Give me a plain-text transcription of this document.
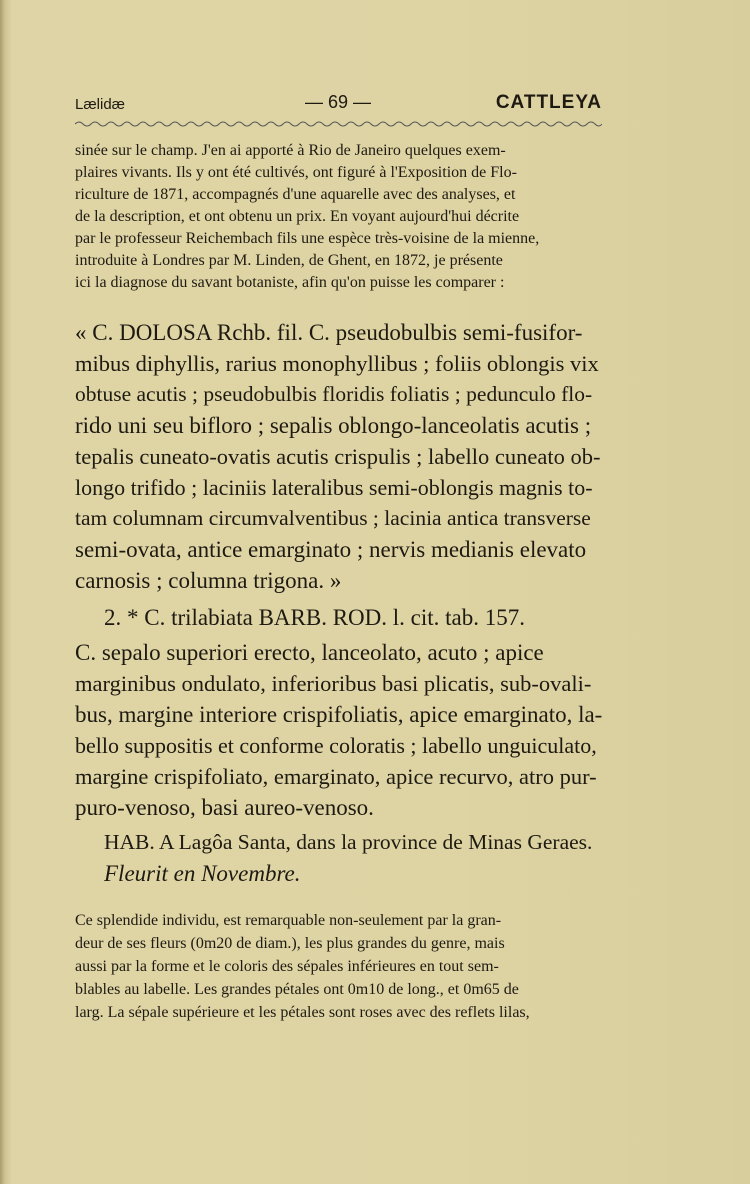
Lælidæ	— 69 —	CATTLEYA
sinée sur le champ. J'en ai apporté à Rio de Janeiro quelques exem-
plaires vivants. Ils y ont été cultivés, ont figuré à l'Exposition de Flo-
riculture de 1871, accompagnés d'une aquarelle avec des analyses, et
de la description, et ont obtenu un prix. En voyant aujourd'hui décrite
par le professeur Reichembach fils une espèce très-voisine de la mienne,
introduite à Londres par M. Linden, de Ghent, en 1872, je présente
ici la diagnose du savant botaniste, afin qu'on puisse les comparer :
« C. DOLOSA Rchb. fil. C. pseudobulbis semi-fusifor-
mibus diphyllis, rarius monophyllibus ; foliis oblongis vix
obtuse acutis ; pseudobulbis floridis foliatis ; pedunculo flo-
rido uni seu bifloro ; sepalis oblongo-lanceolatis acutis ;
tepalis cuneato-ovatis acutis crispulis ; labello cuneato ob-
longo trifido ; laciniis lateralibus semi-oblongis magnis to-
tam columnam circumvalventibus ; lacinia antica transverse
semi-ovata, antice emarginato ; nervis medianis elevato
carnosis ; columna trigona. »
2. * C. trilabiata BARB. ROD. l. cit. tab. 157.
C. sepalo superiori erecto, lanceolato, acuto ; apice
marginibus ondulato, inferioribus basi plicatis, sub-ovali-
bus, margine interiore crispifoliatis, apice emarginato, la-
bello suppositis et conforme coloratis ; labello unguiculato,
margine crispifoliato, emarginato, apice recurvo, atro pur-
puro-venoso, basi aureo-venoso.
HAB. A Lagôa Santa, dans la province de Minas Geraes.
Fleurit en Novembre.
Ce splendide individu, est remarquable non-seulement par la gran-
deur de ses fleurs (0m20 de diam.), les plus grandes du genre, mais
aussi par la forme et le coloris des sépales inférieures en tout sem-
blables au labelle. Les grandes pétales ont 0m10 de long., et 0m65 de
larg. La sépale supérieure et les pétales sont roses avec des reflets lilas,
